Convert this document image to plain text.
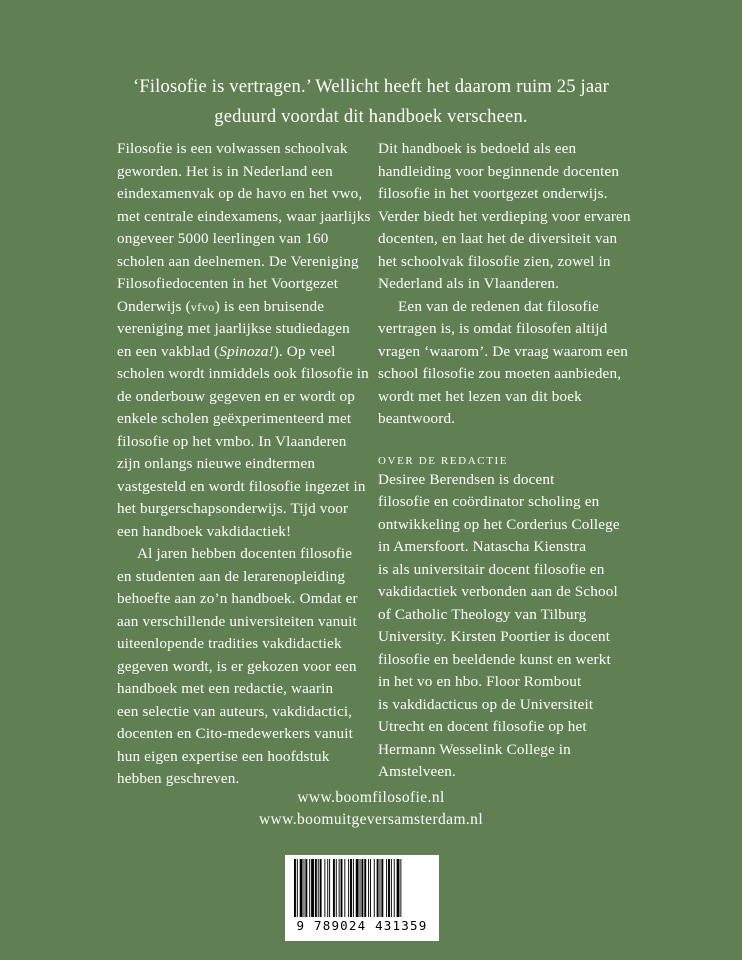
‘Filosofie is vertragen.’ Wellicht heeft het daarom ruim 25 jaar
geduurd voordat dit handboek verscheen.

Filosofie is een volwassen schoolvak
geworden. Het is in Nederland een
eindexamenvak op de havo en het vwo,
met centrale eindexamens, waar jaarlijks
ongeveer 5000 leerlingen van 160
scholen aan deelnemen. De Vereniging
Filosofiedocenten in het Voortgezet
Onderwijs (vfvo) is een bruisende
vereniging met jaarlijkse studiedagen
en een vakblad (Spinoza!). Op veel
scholen wordt inmiddels ook filosofie in
de onderbouw gegeven en er wordt op
enkele scholen geëxperimenteerd met
filosofie op het vmbo. In Vlaanderen
zijn onlangs nieuwe eindtermen
vastgesteld en wordt filosofie ingezet in
het burgerschapsonderwijs. Tijd voor
een handboek vakdidactiek!

Al jaren hebben docenten filosofie
en studenten aan de lerarenopleiding
behoefte aan zo’n handboek. Omdat er
aan verschillende universiteiten vanuit
uiteenlopende tradities vakdidactiek
gegeven wordt, is er gekozen voor een
handboek met een redactie, waarin
een selectie van auteurs, vakdidactici,
docenten en Cito-medewerkers vanuit
hun eigen expertise een hoofdstuk
hebben geschreven.

Dit handboek is bedoeld als een
handleiding voor beginnende docenten
filosofie in het voortgezet onderwijs.
Verder biedt het verdieping voor ervaren
docenten, en laat het de diversiteit van
het schoolvak filosofie zien, zowel in
Nederland als in Vlaanderen.

Een van de redenen dat filosofie
vertragen is, is omdat filosofen altijd
vragen ‘waarom’. De vraag waarom een
school filosofie zou moeten aanbieden,
wordt met het lezen van dit boek
beantwoord.

OVER DE REDACTIE

Desiree Berendsen is docent
filosofie en coördinator scholing en
ontwikkeling op het Corderius College
in Amersfoort. Natascha Kienstra
is als universitair docent filosofie en
vakdidactiek verbonden aan de School
of Catholic Theology van Tilburg
University. Kirsten Poortier is docent
filosofie en beeldende kunst en werkt
in het vo en hbo. Floor Rombout
is vakdidacticus op de Universiteit
Utrecht en docent filosofie op het
Hermann Wesselink College in
Amstelveen.

www.boomfilosofie.nl
www.boomuitgeversamsterdam.nl
9 789024 431359
